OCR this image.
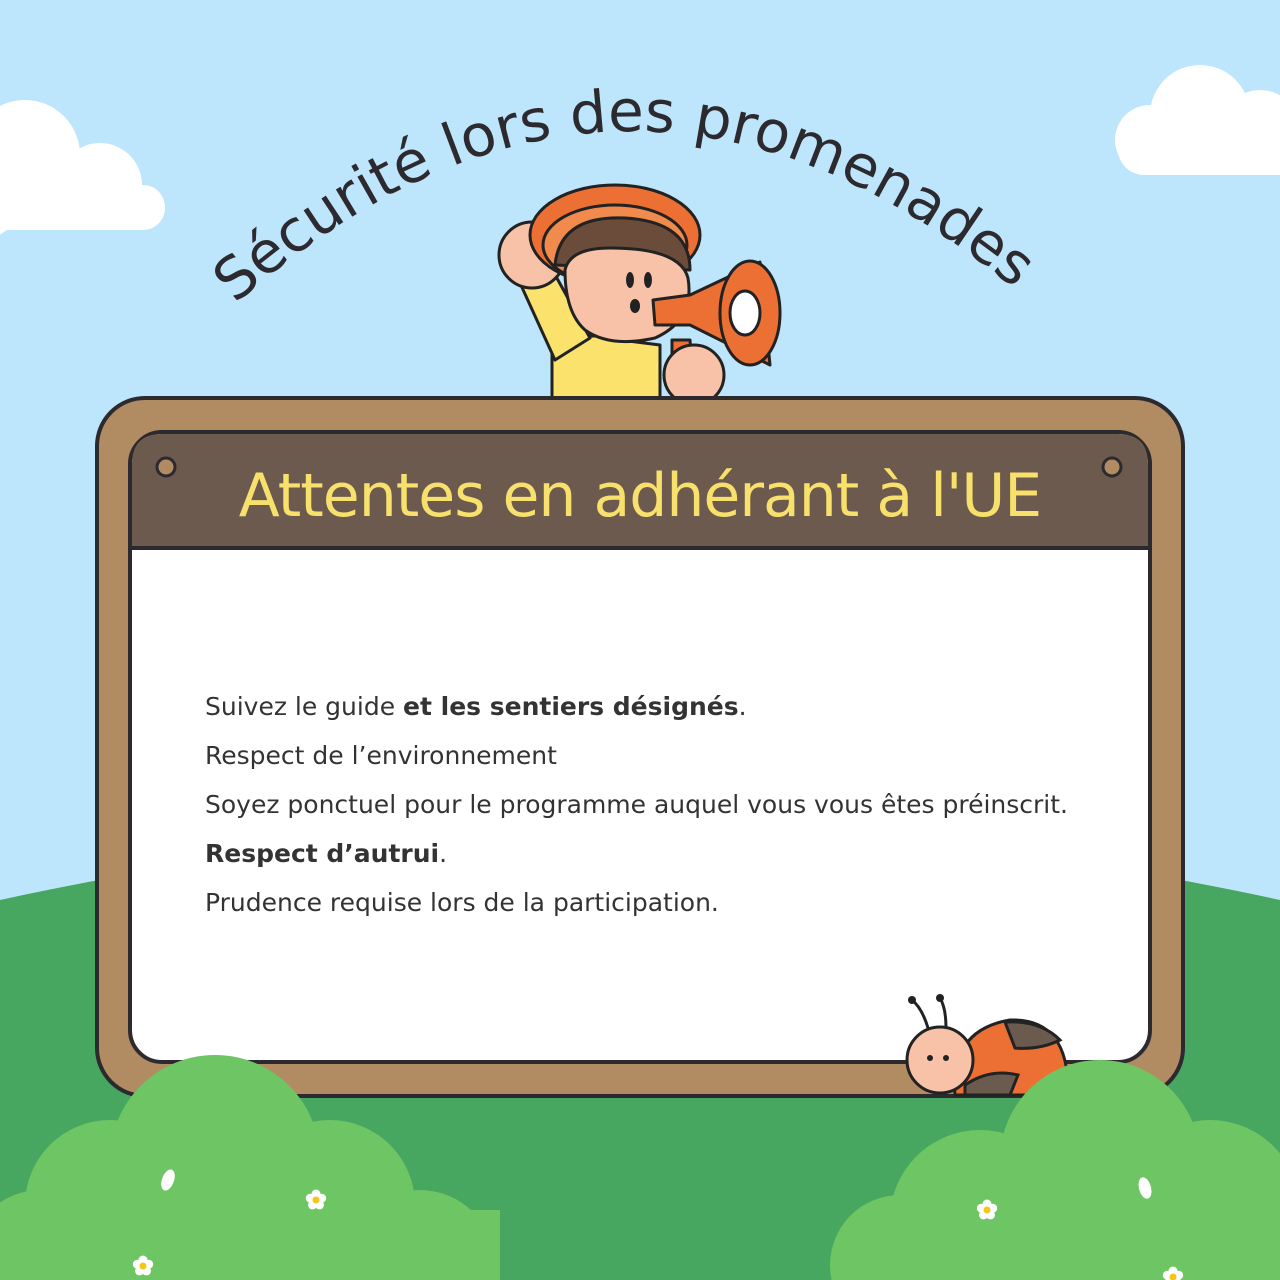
Sécurité lors des promenades
Attentes en adhérant à l'UE

Suivez le guide et les sentiers désignés.

Respect de l’environnement

Soyez ponctuel pour le programme auquel vous vous êtes préinscrit.

Respect d’autrui.

Prudence requise lors de la participation.
